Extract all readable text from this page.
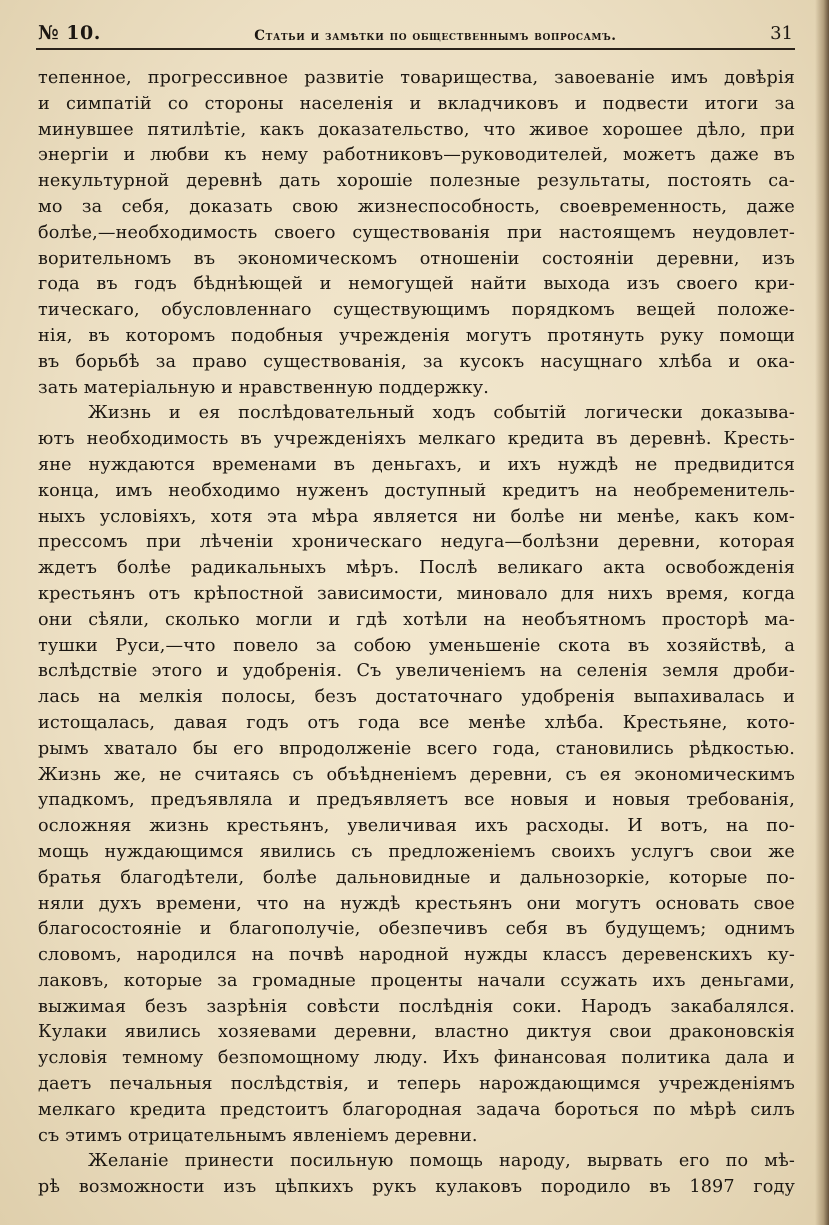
№ 10.	Статьи и замѣтки по общественнымъ вопросамъ.	31
тепенное, прогрессивное развитіе товарищества, завоеваніе имъ довѣрія
и симпатій со стороны населенія и вкладчиковъ и подвести итоги за
минувшее пятилѣтіе, какъ доказательство, что живое хорошее дѣло, при
энергіи и любви къ нему работниковъ—руководителей, можетъ даже въ
некультурной деревнѣ дать хорошіе полезные результаты, постоять са-
мо за себя, доказать свою жизнеспособность, своевременность, даже
болѣе,—необходимость своего существованія при настоящемъ неудовлет-
ворительномъ въ экономическомъ отношеніи состояніи деревни, изъ
года въ годъ бѣднѣющей и немогущей найти выхода изъ своего кри-
тическаго, обусловленнаго существующимъ порядкомъ вещей положе-
нія, въ которомъ подобныя учрежденія могутъ протянуть руку помощи
въ борьбѣ за право существованія, за кусокъ насущнаго хлѣба и ока-
зать матеріальную и нравственную поддержку.
Жизнь и ея послѣдовательный ходъ событій логически доказыва-
ютъ необходимость въ учрежденіяхъ мелкаго кредита въ деревнѣ. Кресть-
яне нуждаются временами въ деньгахъ, и ихъ нуждѣ не предвидится
конца, имъ необходимо нуженъ доступный кредитъ на необременитель-
ныхъ условіяхъ, хотя эта мѣра является ни болѣе ни менѣе, какъ ком-
прессомъ при лѣченіи хроническаго недуга—болѣзни деревни, которая
ждетъ болѣе радикальныхъ мѣръ. Послѣ великаго акта освобожденія
крестьянъ отъ крѣпостной зависимости, миновало для нихъ время, когда
они сѣяли, сколько могли и гдѣ хотѣли на необъятномъ просторѣ ма-
тушки Руси,—что повело за собою уменьшеніе скота въ хозяйствѣ, а
вслѣдствіе этого и удобренія. Съ увеличеніемъ на селенія земля дроби-
лась на мелкія полосы, безъ достаточнаго удобренія выпахивалась и
истощалась, давая годъ отъ года все менѣе хлѣба. Крестьяне, кото-
рымъ хватало бы его впродолженіе всего года, становились рѣдкостью.
Жизнь же, не считаясь съ объѣдненіемъ деревни, съ ея экономическимъ
упадкомъ, предъявляла и предъявляетъ все новыя и новыя требованія,
осложняя жизнь крестьянъ, увеличивая ихъ расходы. И вотъ, на по-
мощь нуждающимся явились съ предложеніемъ своихъ услугъ свои же
братья благодѣтели, болѣе дальновидные и дальнозоркіе, которые по-
няли духъ времени, что на нуждѣ крестьянъ они могутъ основать свое
благосостояніе и благополучіе, обезпечивъ себя въ будущемъ; однимъ
словомъ, народился на почвѣ народной нужды классъ деревенскихъ ку-
лаковъ, которые за громадные проценты начали ссужать ихъ деньгами,
выжимая безъ зазрѣнія совѣсти послѣднія соки. Народъ закабалялся.
Кулаки явились хозяевами деревни, властно диктуя свои драконовскія
условія темному безпомощному люду. Ихъ финансовая политика дала и
даетъ печальныя послѣдствія, и теперь нарождающимся учрежденіямъ
мелкаго кредита предстоитъ благородная задача бороться по мѣрѣ силъ
съ этимъ отрицательнымъ явленіемъ деревни.
Желаніе принести посильную помощь народу, вырвать его по мѣ-
рѣ возможности изъ цѣпкихъ рукъ кулаковъ породило въ 1897 году
